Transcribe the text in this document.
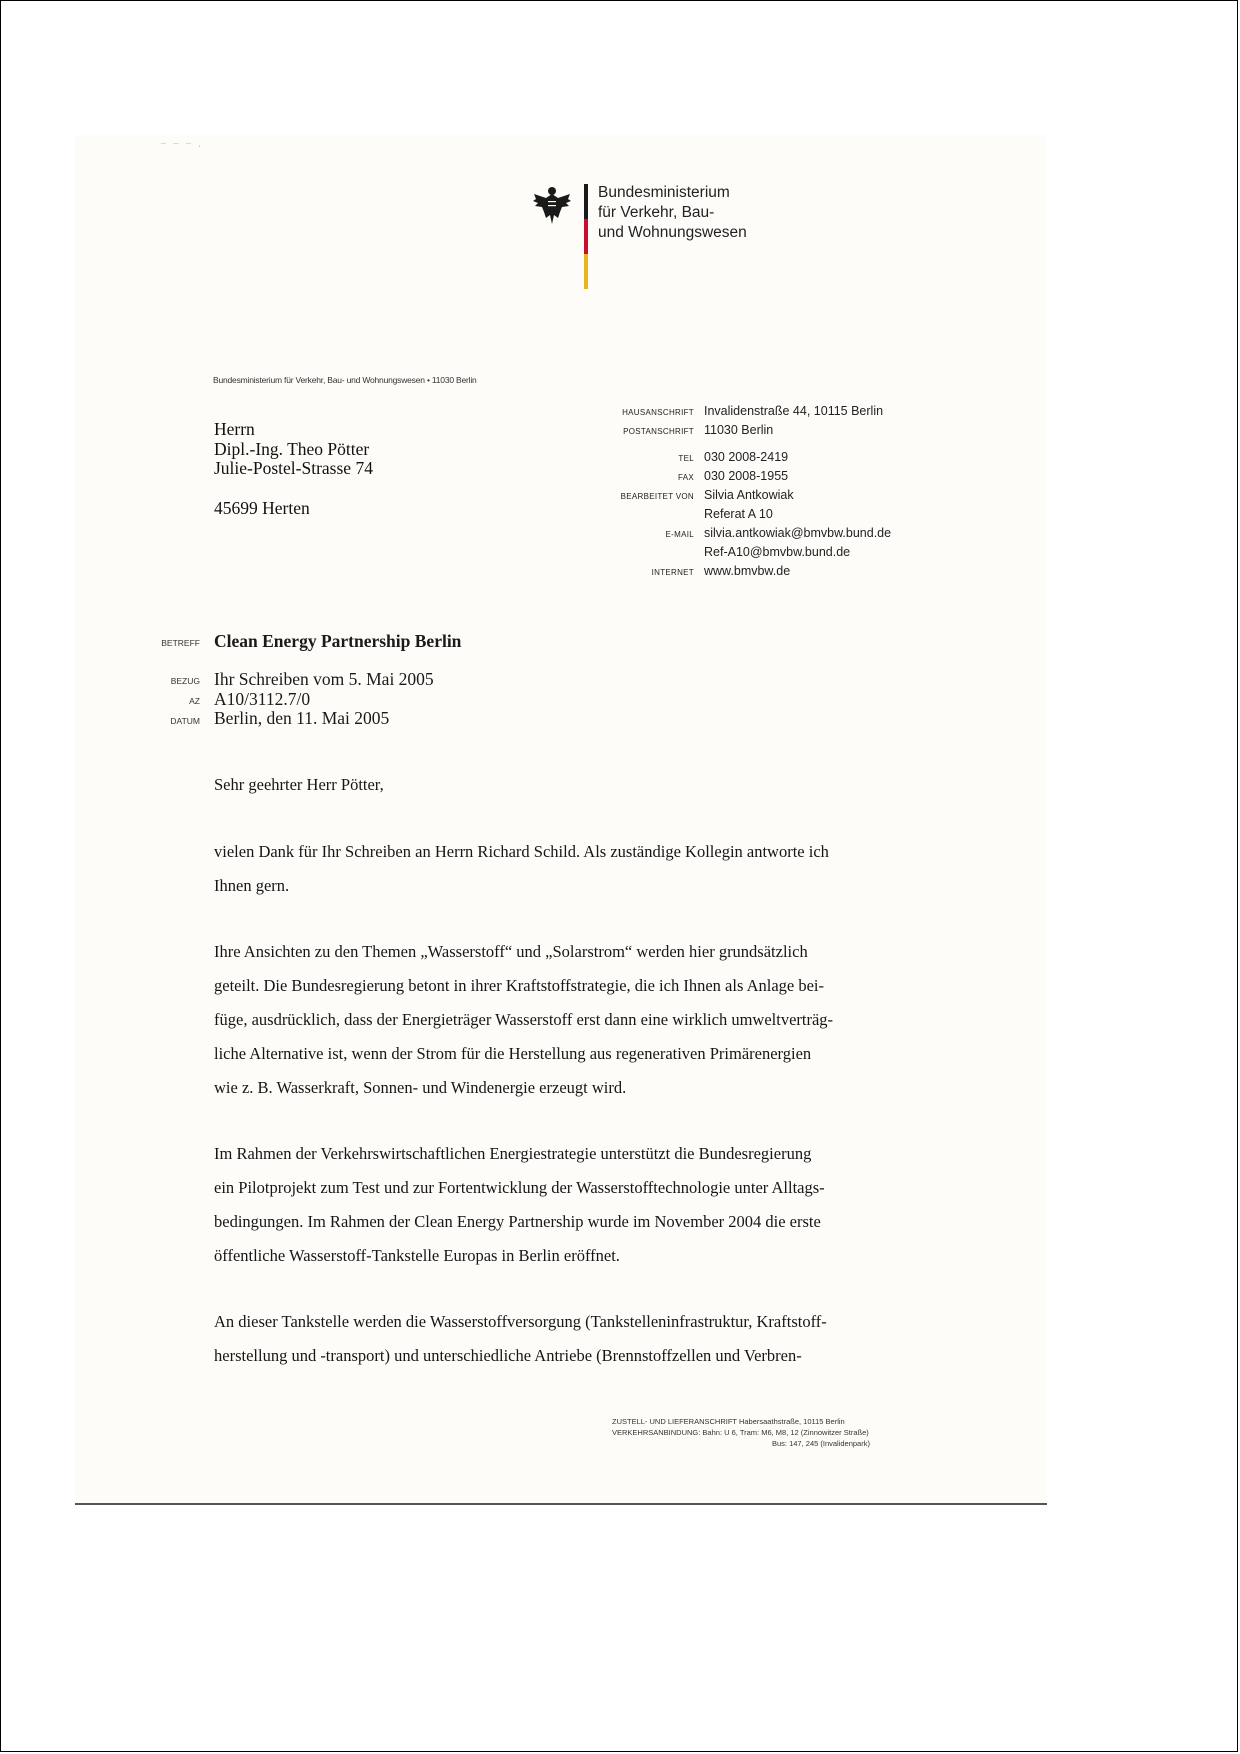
⁻ ⁻ ⁻ ·
Bundesministerium
für Verkehr, Bau-
und Wohnungswesen
Bundesministerium für Verkehr, Bau- und Wohnungswesen • 11030 Berlin
Herrn
Dipl.-Ing. Theo Pötter
Julie-Postel-Strasse 74
45699 Herten
HAUSANSCHRIFT Invalidenstraße 44, 10115 Berlin
POSTANSCHRIFT 11030 Berlin
TEL 030 2008-2419
FAX 030 2008-1955
BEARBEITET VON Silvia Antkowiak
Referat A 10
E-MAIL silvia.antkowiak@bmvbw.bund.de
Ref-A10@bmvbw.bund.de
INTERNET www.bmvbw.de
BETREFF Clean Energy Partnership Berlin
BEZUG
AZ
DATUM
Ihr Schreiben vom 5. Mai 2005
A10/3112.7/0
Berlin, den 11. Mai 2005
Sehr geehrter Herr Pötter,
vielen Dank für Ihr Schreiben an Herrn Richard Schild. Als zuständige Kollegin antworte ich
Ihnen gern.
Ihre Ansichten zu den Themen „Wasserstoff“ und „Solarstrom“ werden hier grundsätzlich
geteilt. Die Bundesregierung betont in ihrer Kraftstoffstrategie, die ich Ihnen als Anlage bei-
füge, ausdrücklich, dass der Energieträger Wasserstoff erst dann eine wirklich umweltverträg-
liche Alternative ist, wenn der Strom für die Herstellung aus regenerativen Primärenergien
wie z. B. Wasserkraft, Sonnen- und Windenergie erzeugt wird.
Im Rahmen der Verkehrswirtschaftlichen Energiestrategie unterstützt die Bundesregierung
ein Pilotprojekt zum Test und zur Fortentwicklung der Wasserstofftechnologie unter Alltags-
bedingungen. Im Rahmen der Clean Energy Partnership wurde im November 2004 die erste
öffentliche Wasserstoff-Tankstelle Europas in Berlin eröffnet.
An dieser Tankstelle werden die Wasserstoffversorgung (Tankstelleninfrastruktur, Kraftstoff-
herstellung und -transport) und unterschiedliche Antriebe (Brennstoffzellen und Verbren-
ZUSTELL- UND LIEFERANSCHRIFT Habersaathstraße, 10115 Berlin
VERKEHRSANBINDUNG: Bahn: U 6, Tram: M6, M8, 12 (Zinnowitzer Straße)
Bus: 147, 245 (Invalidenpark)
